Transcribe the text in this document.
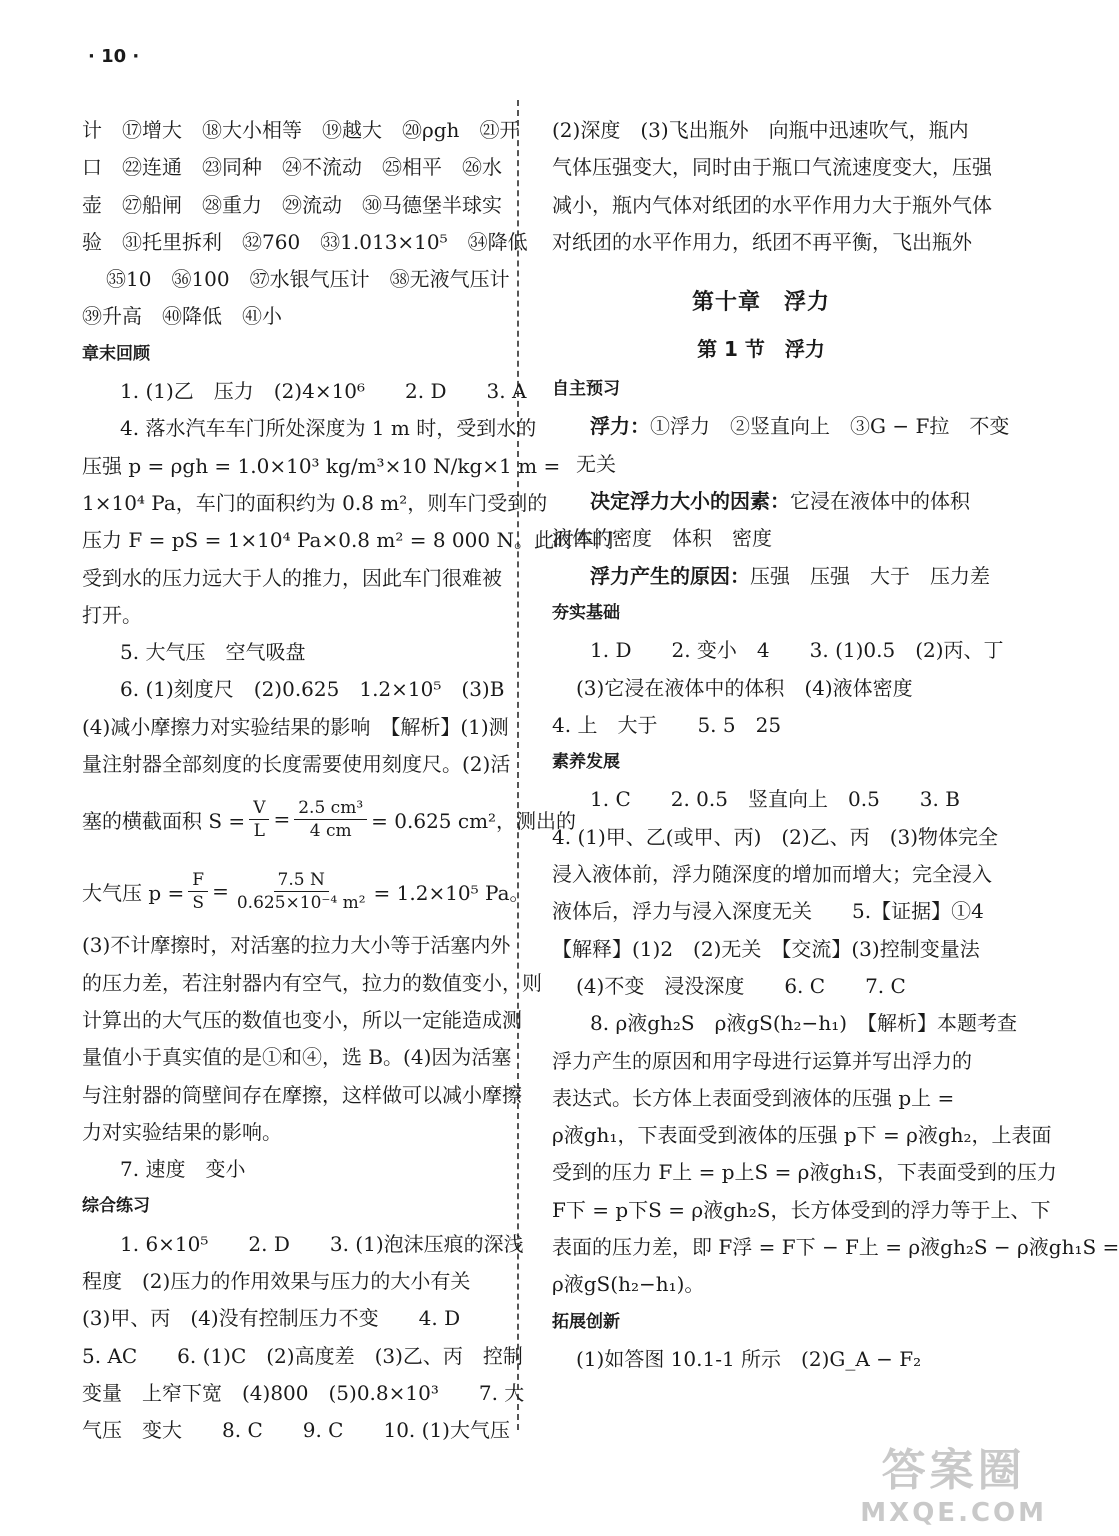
· 10 ·
计　⑰增大　⑱大小相等　⑲越大　⑳ρgh　㉑开
口　㉒连通　㉓同种　㉔不流动　㉕相平　㉖水
壶　㉗船闸　㉘重力　㉙流动　㉚马德堡半球实
验　㉛托里拆利　㉜760　㉝1.013×10⁵　㉞降低
㉟10　㊱100　㊲水银气压计　㊳无液气压计
㊴升高　㊵降低　㊶小
章末回顾
1. (1)乙　压力　(2)4×10⁶　　2. D　　3. A
4. 落水汽车车门所处深度为 1 m 时，受到水的
压强 p = ρgh = 1.0×10³ kg/m³×10 N/kg×1 m =
1×10⁴ Pa，车门的面积约为 0.8 m²，则车门受到的
压力 F = pS = 1×10⁴ Pa×0.8 m² = 8 000 N。此时车门
受到水的压力远大于人的推力，因此车门很难被
打开。
5. 大气压　空气吸盘
6. (1)刻度尺　(2)0.625　1.2×10⁵　(3)B
(4)减小摩擦力对实验结果的影响　【解析】(1)测
量注射器全部刻度的长度需要使用刻度尺。(2)活
塞的横截面积 $S = \frac{V}{L} = \frac{\text{2.5 cm³}}{4 cm} = 0.625$ cm²，测出的
大气压 $p = \frac{F}{S} = \frac{7.5 N}{\text{0.625×10⁻⁴ m²}} = 1.2\times 10^5$ Pa。
(3)不计摩擦时，对活塞的拉力大小等于活塞内外
的压力差，若注射器内有空气，拉力的数值变小，则
计算出的大气压的数值也变小，所以一定能造成测
量值小于真实值的是①和④，选 B。(4)因为活塞
与注射器的筒壁间存在摩擦，这样做可以减小摩擦
力对实验结果的影响。
7. 速度　变小
综合练习
1. 6×10⁵　　2. D　　3. (1)泡沫压痕的深浅
程度　(2)压力的作用效果与压力的大小有关
(3)甲、丙　(4)没有控制压力不变　　4. D
5. AC　　6. (1)C　(2)高度差　(3)乙、丙　控制
变量　上窄下宽　(4)800　(5)0.8×10³　　7. 大
气压　变大　　8. C　　9. C　　10. (1)大气压
(2)深度　(3)飞出瓶外　向瓶中迅速吹气，瓶内
气体压强变大，同时由于瓶口气流速度变大，压强
减小，瓶内气体对纸团的水平作用力大于瓶外气体
对纸团的水平作用力，纸团不再平衡，飞出瓶外
第十章　浮力
第 1 节　浮力
自主预习
浮力：①浮力　②竖直向上　③G − F拉　不变
无关
决定浮力大小的因素：它浸在液体中的体积
液体的密度　体积　密度
浮力产生的原因：压强　压强　大于　压力差
夯实基础
1. D　　2. 变小　4　　3. (1)0.5　(2)丙、丁
(3)它浸在液体中的体积　(4)液体密度
4. 上　大于　　5. 5　25
素养发展
1. C　　2. 0.5　竖直向上　0.5　　3. B
4. (1)甲、乙(或甲、丙)　(2)乙、丙　(3)物体完全
浸入液体前，浮力随深度的增加而增大；完全浸入
液体后，浮力与浸入深度无关　　5.【证据】①4
【解释】(1)2　(2)无关　【交流】(3)控制变量法
(4)不变　浸没深度　　6. C　　7. C
8. ρ液gh₂S　ρ液gS(h₂−h₁)　【解析】本题考查
浮力产生的原因和用字母进行运算并写出浮力的
表达式。长方体上表面受到液体的压强 p上 =
ρ液gh₁，下表面受到液体的压强 p下 = ρ液gh₂，上表面
受到的压力 F上 = p上S = ρ液gh₁S，下表面受到的压力
F下 = p下S = ρ液gh₂S，长方体受到的浮力等于上、下
表面的压力差，即 F浮 = F下 − F上 = ρ液gh₂S − ρ液gh₁S =
ρ液gS(h₂−h₁)。
拓展创新
(1)如答图 10.1-1 所示　(2)G_A − F₂
答案圈
MXQE.COM
